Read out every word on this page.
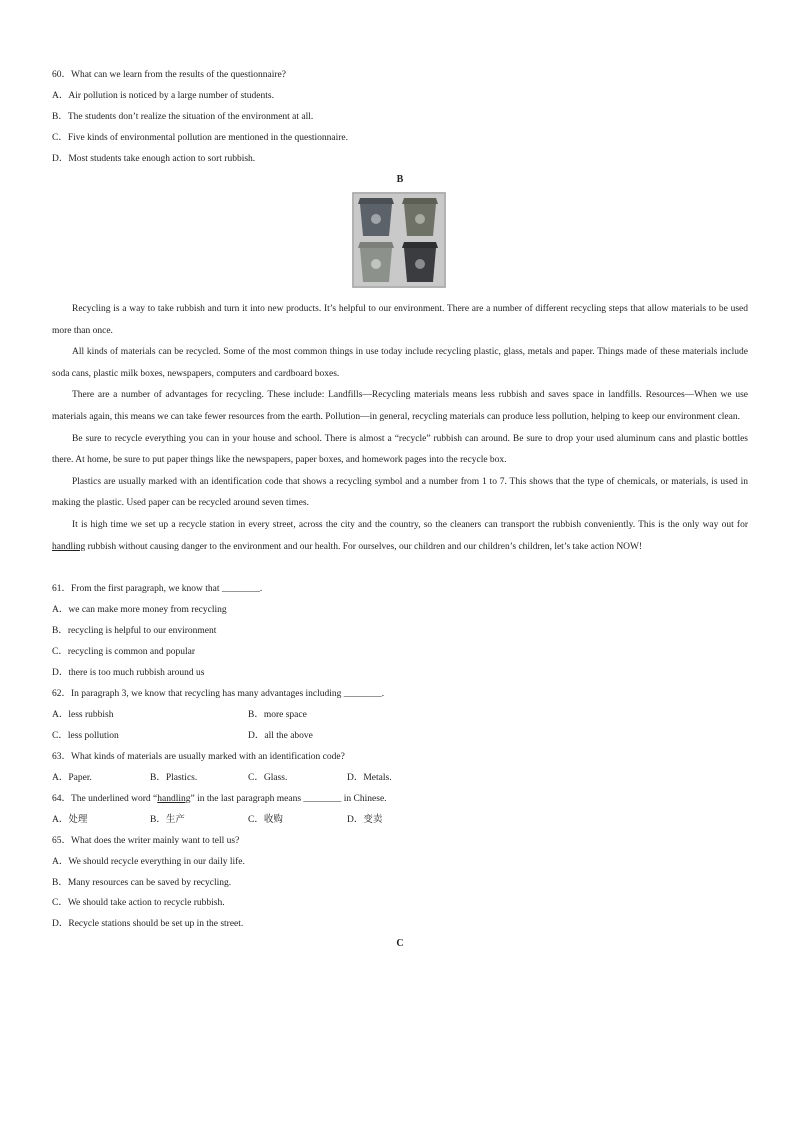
60．What can we learn from the results of the questionnaire?
A．Air pollution is noticed by a large number of students.
B．The students don’t realize the situation of the environment at all.
C．Five kinds of environmental pollution are mentioned in the questionnaire.
D．Most students take enough action to sort rubbish.
B

Recycling is a way to take rubbish and turn it into new products. It’s helpful to our environment. There are a number of different recycling steps that allow materials to be used more than once.

All kinds of materials can be recycled. Some of the most common things in use today include recycling plastic, glass, metals and paper. Things made of these materials include soda cans, plastic milk boxes, newspapers, computers and cardboard boxes.

There are a number of advantages for recycling. These include: Landfills—Recycling materials means less rubbish and saves space in landfills. Resources—When we use materials again, this means we can take fewer resources from the earth. Pollution—in general, recycling materials can produce less pollution, helping to keep our environment clean.

Be sure to recycle everything you can in your house and school. There is almost a “recycle” rubbish can around. Be sure to drop your used aluminum cans and plastic bottles there. At home, be sure to put paper things like the newspapers, paper boxes, and homework pages into the recycle box.

Plastics are usually marked with an identification code that shows a recycling symbol and a number from 1 to 7. This shows that the type of chemicals, or materials, is used in making the plastic. Used paper can be recycled around seven times.

It is high time we set up a recycle station in every street, across the city and the country, so the cleaners can transport the rubbish conveniently. This is the only way out for handling rubbish without causing danger to the environment and our health. For ourselves, our children and our children’s children, let’s take action NOW!

61．From the first paragraph, we know that ________.
A．we can make more money from recycling
B．recycling is helpful to our environment
C．recycling is common and popular
D．there is too much rubbish around us
62．In paragraph 3, we know that recycling has many advantages including ________.
A．less rubbish	B．more space
C．less pollution	D．all the above
63．What kinds of materials are usually marked with an identification code?
A．Paper.	B．Plastics.	C．Glass.	D．Metals.
64．The underlined word “handling” in the last paragraph means ________ in Chinese.
A．处理	B．生产	C．收购	D．变卖
65．What does the writer mainly want to tell us?
A．We should recycle everything in our daily life.
B．Many resources can be saved by recycling.
C．We should take action to recycle rubbish.
D．Recycle stations should be set up in the street.
C
